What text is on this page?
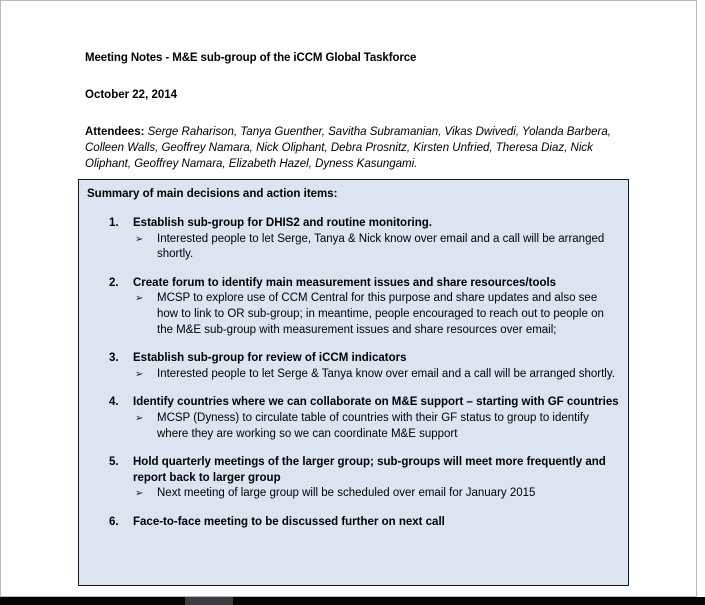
Meeting Notes - M&E sub-group of the iCCM Global Taskforce

October 22, 2014

Attendees: Serge Raharison, Tanya Guenther, Savitha Subramanian, Vikas Dwivedi, Yolanda Barbera, Colleen Walls, Geoffrey Namara, Nick Oliphant, Debra Prosnitz, Kirsten Unfried, Theresa Diaz, Nick Oliphant, Geoffrey Namara, Elizabeth Hazel, Dyness Kasungami.

Summary of main decisions and action items:

1. Establish sub-group for DHIS2 and routine monitoring.
➢ Interested people to let Serge, Tanya & Nick know over email and a call will be arranged shortly.
2. Create forum to identify main measurement issues and share resources/tools
➢ MCSP to explore use of CCM Central for this purpose and share updates and also see how to link to OR sub-group; in meantime, people encouraged to reach out to people on the M&E sub-group with measurement issues and share resources over email;
3. Establish sub-group for review of iCCM indicators
➢ Interested people to let Serge & Tanya know over email and a call will be arranged shortly.
4. Identify countries where we can collaborate on M&E support – starting with GF countries
➢ MCSP (Dyness) to circulate table of countries with their GF status to group to identify where they are working so we can coordinate M&E support
5. Hold quarterly meetings of the larger group; sub-groups will meet more frequently and report back to larger group
➢ Next meeting of large group will be scheduled over email for January 2015
6. Face-to-face meeting to be discussed further on next call
